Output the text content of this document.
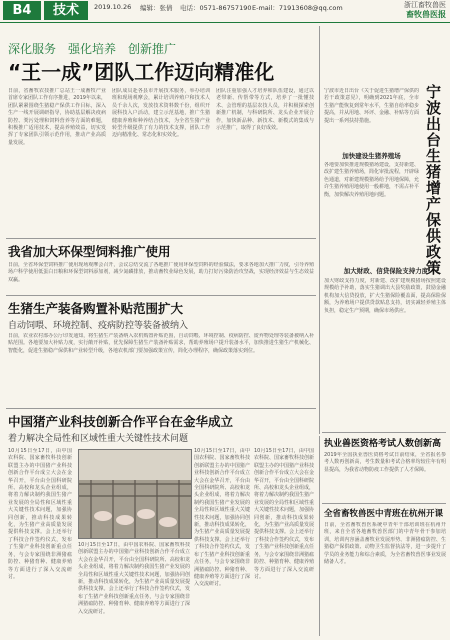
B4	技术	2019.10.26 编辑：张倩 电话：0571-86757190 E-mail：71913608@qq.com	浙江畜牧兽医
畜牧兽医报
深化服务　强化培养　创新推广
“王一成”团队工作迈向精准化
日前，省畜牧农技推广总站王一成畜牧产业首席专家团队工作有序推进，2019年以来，团队紧紧围绕生猪稳产保供工作目标，深入生产一线开展调研指导，协助基层解决疫病防控、粪污处理和饲料营养等方面的难题，积极推广适用技术，提高养殖效益，切实发挥了专家团队引领示范作用，推动产业高质量发展。
团队成员赴各县市开展技术服务，举办培训班和现场观摩会，累计培训养殖户和技术人员千余人次，发放技术资料数千份，组织开展科技入户活动，建立示范基地，推广生猪健康养殖和种养结合技术，为全省生猪产业转型升级提供了有力的技术支撑，团队工作迈向精准化、常态化和实效化。
团队注重加强人才培养和队伍建设，通过以老带新、传帮带等方式，培养了一批懂技术、会管理的基层农技人员，并积极探索创新推广机制，与科研院所、龙头企业开展合作，加快新品种、新技术、新模式的集成与示范推广，取得了良好成效。
宁波市近日出台《关于促进生猪增产保供的若干政策意见》，明确到2021年底，全市生猪产能恢复到常年水平，生猪自给率稳步提高，并从用地、环评、金融、补贴等方面提出一系列扶持措施。	宁波出台生猪增产保供政策
加快建设生猪养殖场
各地要加快推进规模猪场建设，支持新建、改扩建生猪养殖场，简化审批流程，开辟绿色通道，对新建规模猪场给予用地保障，允许生猪养殖用地使用一般耕地，不需占补平衡，加快解决养殖用地问题。
加大财政、信贷保险支持力度
加大财政支持力度，对新建、改扩建规模猪场按照建设规模给予补助，落实生猪调出大县奖励政策，鼓励金融机构加大信贷投放，扩大生猪保险覆盖面，提高保险保额，为养殖场户提供贷款贴息支持，切实减轻养殖主体负担，稳定生产预期，确保市场供应。
我省加大环保型饲料推广使用
日前，全省环保型饲料推广使用现场观摩会召开，会议总结交流了各地推广使用环保型饲料的经验做法，要求各地加大推广力度，引导养殖场户科学使用低蛋白日粮和环保型饲料添加剂，减少氮磷排放，推动畜牧业绿色发展，助力打好污染防治攻坚战，实现经济效益与生态效益双赢。
生猪生产装备购置补贴范围扩大
自动饲喂、环境控制、疫病防控等装备被纳入
日前，农业农村部办公厅印发通知，将生猪生产装备纳入农机购置补贴范围，自动饲喂、环境控制、疫病防控、废弃物处理等装备被纳入补贴范围。各地要加大补贴力度，实行敞开补贴，优先保障生猪生产装备补贴需求，帮助养殖场户提升装备水平，加快推进生猪生产机械化、智能化，促进生猪稳产保供和产业转型升级，各地农机部门要加强政策宣传，简化办理程序，确保政策落实到位。
中国猪产业科技创新合作平台在金华成立
着力解决全局性和区域性重大关键性技术问题
10月15日至17日，由中国农科院、国家畜牧科技创新联盟主办的中国猪产业科技创新合作平台成立大会在金华召开，平台由全国科研院所、高校和龙头企业组成，将着力解决制约我国生猪产业发展的全局性和区域性重大关键性技术问题，加强协同创新，推动科技成果转化，为生猪产业高质量发展提供科技支撑。会上还举行了科技合作签约仪式，发布了生猪产业科技创新重点任务，与会专家围绕非洲猪瘟防控、种猪育种、健康养殖等方面进行了深入交流研讨。
10月15日至17日，由中国农科院、国家畜牧科技创新联盟主办的中国猪产业科技创新合作平台成立大会在金华召开，平台由全国科研院所、高校和龙头企业组成，将着力解决制约我国生猪产业发展的全局性和区域性重大关键性技术问题，加强协同创新，推动科技成果转化，为生猪产业高质量发展提供科技支撑。会上还举行了科技合作签约仪式，发布了生猪产业科技创新重点任务，与会专家围绕非洲猪瘟防控、种猪育种、健康养殖等方面进行了深入交流研讨。
10月15日至17日，由中国农科院、国家畜牧科技创新联盟主办的中国猪产业科技创新合作平台成立大会在金华召开，平台由全国科研院所、高校和龙头企业组成，将着力解决制约我国生猪产业发展的全局性和区域性重大关键性技术问题，加强协同创新，推动科技成果转化，为生猪产业高质量发展提供科技支撑。会上还举行了科技合作签约仪式，发布了生猪产业科技创新重点任务，与会专家围绕非洲猪瘟防控、种猪育种、健康养殖等方面进行了深入交流研讨。
10月15日至17日，由中国农科院、国家畜牧科技创新联盟主办的中国猪产业科技创新合作平台成立大会在金华召开，平台由全国科研院所、高校和龙头企业组成，将着力解决制约我国生猪产业发展的全局性和区域性重大关键性技术问题，加强协同创新，推动科技成果转化，为生猪产业高质量发展提供科技支撑。会上还举行了科技合作签约仪式，发布了生猪产业科技创新重点任务，与会专家围绕非洲猪瘟防控、种猪育种、健康养殖等方面进行了深入交流研讨。
执业兽医资格考试人数创新高
2019年全国执业兽医资格考试日前结束，全省报名参考人数再创新高，考生数量和考试合格率均较往年有明显提高，为我省动物防疫工作提供了人才保障。
全省畜牧兽医中青班在杭州开课
日前，全省畜牧兽医系统中青年干部培训班在杭州开班，来自全省各地畜牧兽医部门的中青年骨干参加培训，培训内容涵盖畜牧业发展形势、非洲猪瘟防控、生猪稳产保供政策、动物卫生监督执法等，进一步提升了学员的业务能力和综合素质，为全省畜牧兽医事业发展储备人才。
